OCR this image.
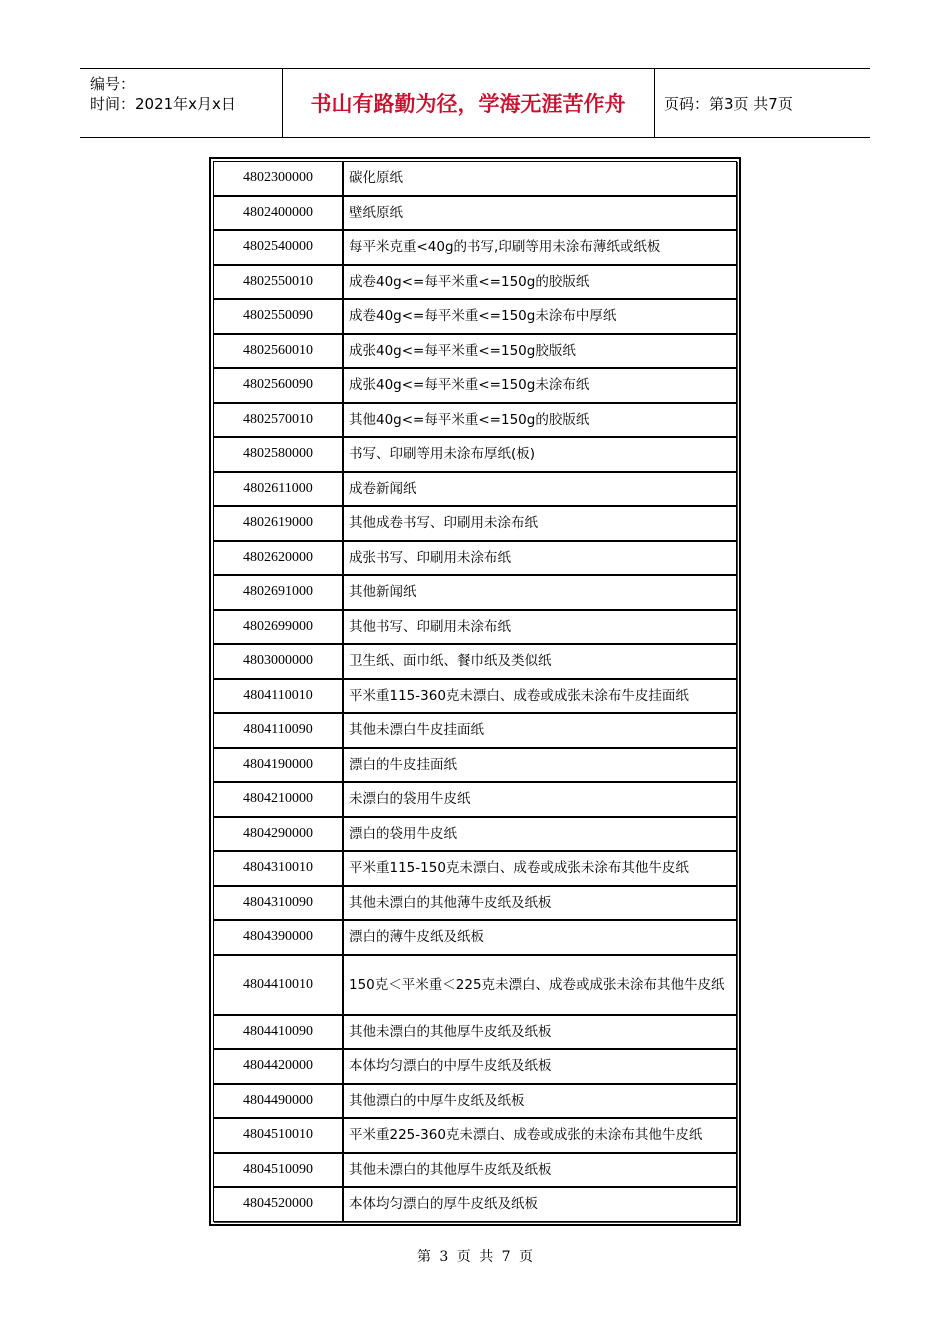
编号：
时间：2021年x月x日	书山有路勤为径，学海无涯苦作舟	页码：第3页 共7页
4802300000	碳化原纸
4802400000	壁纸原纸
4802540000	每平米克重<40g的书写,印刷等用未涂布薄纸或纸板
4802550010	成卷40g<=每平米重<=150g的胶版纸
4802550090	成卷40g<=每平米重<=150g未涂布中厚纸
4802560010	成张40g<=每平米重<=150g胶版纸
4802560090	成张40g<=每平米重<=150g未涂布纸
4802570010	其他40g<=每平米重<=150g的胶版纸
4802580000	书写、印刷等用未涂布厚纸(板)
4802611000	成卷新闻纸
4802619000	其他成卷书写、印刷用未涂布纸
4802620000	成张书写、印刷用未涂布纸
4802691000	其他新闻纸
4802699000	其他书写、印刷用未涂布纸
4803000000	卫生纸、面巾纸、餐巾纸及类似纸
4804110010	平米重115-360克未漂白、成卷或成张未涂布牛皮挂面纸
4804110090	其他未漂白牛皮挂面纸
4804190000	漂白的牛皮挂面纸
4804210000	未漂白的袋用牛皮纸
4804290000	漂白的袋用牛皮纸
4804310010	平米重115-150克未漂白、成卷或成张未涂布其他牛皮纸
4804310090	其他未漂白的其他薄牛皮纸及纸板
4804390000	漂白的薄牛皮纸及纸板
4804410010	150克＜平米重＜225克未漂白、成卷或成张未涂布其他牛皮纸
4804410090	其他未漂白的其他厚牛皮纸及纸板
4804420000	本体均匀漂白的中厚牛皮纸及纸板
4804490000	其他漂白的中厚牛皮纸及纸板
4804510010	平米重225-360克未漂白、成卷或成张的未涂布其他牛皮纸
4804510090	其他未漂白的其他厚牛皮纸及纸板
4804520000	本体均匀漂白的厚牛皮纸及纸板
第 3 页 共 7 页
